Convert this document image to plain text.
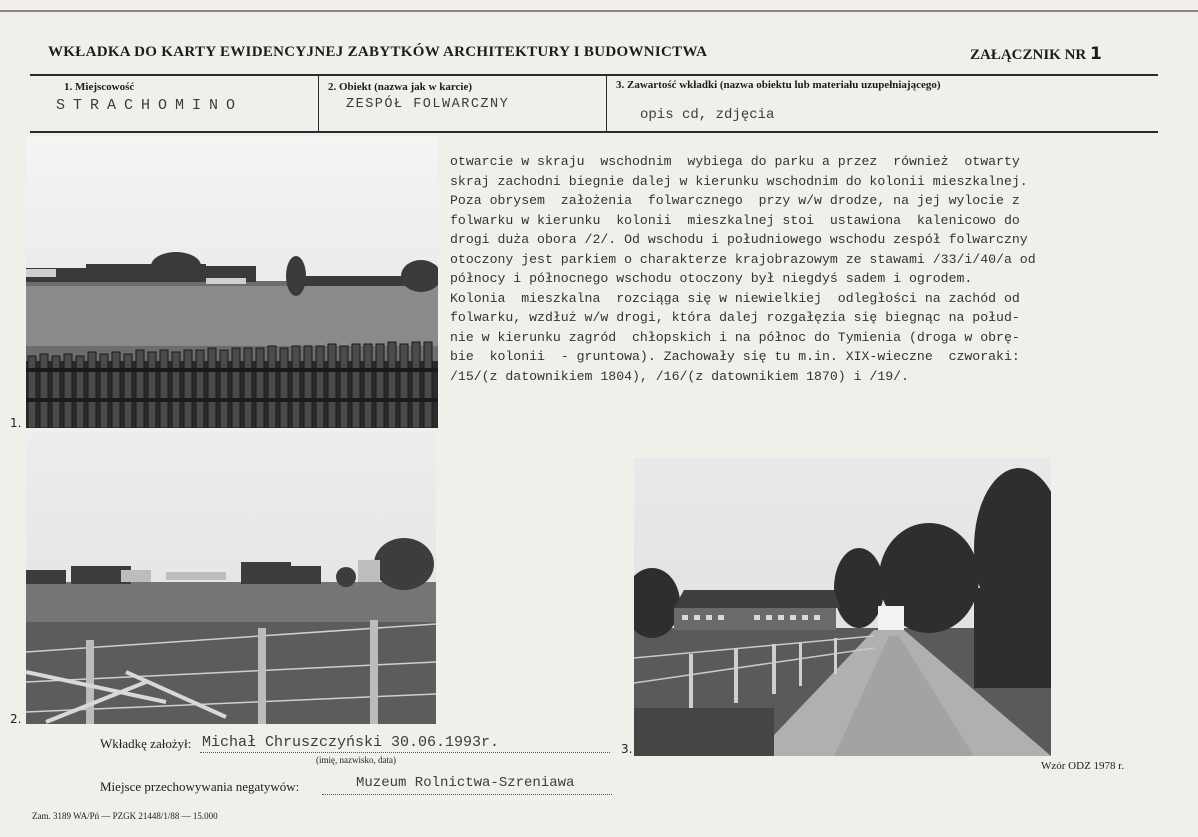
WKŁADKA DO KARTY EWIDENCYJNEJ ZABYTKÓW ARCHITEKTURY I BUDOWNICTWA	ZAŁĄCZNIK NR 1
1. Miejscowość
STRACHOMINO
2. Obiekt (nazwa jak w karcie)
ZESPÓŁ FOLWARCZNY
3. Zawartość wkładki (nazwa obiektu lub materiału uzupełniającego)
opis cd, zdjęcia
1.
2.
3.
otwarcie w skraju  wschodnim  wybiega do parku a przez  również  otwarty
skraj zachodni biegnie dalej w kierunku wschodnim do kolonii mieszkalnej.
Poza obrysem  założenia  folwarcznego  przy w/w drodze, na jej wylocie z
folwarku w kierunku  kolonii  mieszkalnej stoi  ustawiona  kalenicowo do
drogi duża obora /2/. Od wschodu i południowego wschodu zespół folwarczny
otoczony jest parkiem o charakterze krajobrazowym ze stawami /33/i/40/a od
północy i północnego wschodu otoczony był niegdyś sadem i ogrodem.
Kolonia  mieszkalna  rozciąga się w niewielkiej  odległości na zachód od
folwarku, wzdłuż w/w drogi, która dalej rozgałęzia się biegnąc na połud-
nie w kierunku zagród  chłopskich i na północ do Tymienia (droga w obrę-
bie  kolonii  - gruntowa). Zachowały się tu m.in. XIX-wieczne  czworaki:
/15/(z datownikiem 1804), /16/(z datownikiem 1870) i /19/.
Wkładkę założył: Michał Chruszczyński 30.06.1993r.
(imię, nazwisko, data)
Miejsce przechowywania negatywów:	Muzeum Rolnictwa-Szreniawa
Wzór ODZ 1978 r.
Zam. 3189 WA/Pń — PZGK 21448/1/88 — 15.000
